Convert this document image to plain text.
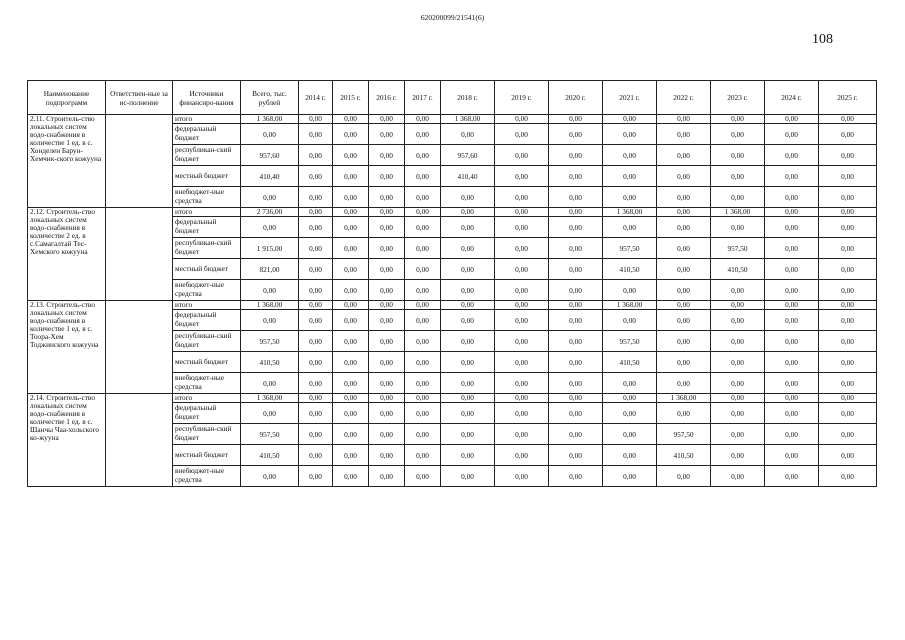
620200099/21541(6)
108
Наименование подпрограмм	Ответствен-ные за ис-полнение	Источники финансиро-вания	Всего, тыс. рублей	2014 г.	2015 г.	2016 г.	2017 г.	2018 г.	2019 г.	2020 г.	2021 г.	2022 г.	2023 г.	2024 г.	2025 г.
2.11. Строитель-ство локальных систем водо-снабжения в количестве 1 ед. в с. Хонделен Барун-Хемчик-ского кожууна		итого	1 368,00	0,00	0,00	0,00	0,00	1 368,00	0,00	0,00	0,00	0,00	0,00	0,00	0,00
		федеральный бюджет	0,00	0,00	0,00	0,00	0,00	0,00	0,00	0,00	0,00	0,00	0,00	0,00	0,00
		республикан-ский бюджет	957,60	0,00	0,00	0,00	0,00	957,60	0,00	0,00	0,00	0,00	0,00	0,00	0,00
		местный бюджет	410,40	0,00	0,00	0,00	0,00	410,40	0,00	0,00	0,00	0,00	0,00	0,00	0,00
		внебюджет-ные средства	0,00	0,00	0,00	0,00	0,00	0,00	0,00	0,00	0,00	0,00	0,00	0,00	0,00
2.12. Строитель-ство локальных систем водо-снабжения в количестве 2 ед. в с.Самагалтай Тес-Хемского кожууна		итого	2 736,00	0,00	0,00	0,00	0,00	0,00	0,00	0,00	1 368,00	0,00	1 368,00	0,00	0,00
		федеральный бюджет	0,00	0,00	0,00	0,00	0,00	0,00	0,00	0,00	0,00	0,00	0,00	0,00	0,00
		республикан-ский бюджет	1 915,00	0,00	0,00	0,00	0,00	0,00	0,00	0,00	957,50	0,00	957,50	0,00	0,00
		местный бюджет	821,00	0,00	0,00	0,00	0,00	0,00	0,00	0,00	410,50	0,00	410,50	0,00	0,00
		внебюджет-ные средства	0,00	0,00	0,00	0,00	0,00	0,00	0,00	0,00	0,00	0,00	0,00	0,00	0,00
2.13. Строитель-ство локальных систем водо-снабжения в количестве 1 ед. в с. Тоора-Хем Тоджинского кожууна		итого	1 368,00	0,00	0,00	0,00	0,00	0,00	0,00	0,00	1 368,00	0,00	0,00	0,00	0,00
		федеральный бюджет	0,00	0,00	0,00	0,00	0,00	0,00	0,00	0,00	0,00	0,00	0,00	0,00	0,00
		республикан-ский бюджет	957,50	0,00	0,00	0,00	0,00	0,00	0,00	0,00	957,50	0,00	0,00	0,00	0,00
		местный бюджет	410,50	0,00	0,00	0,00	0,00	0,00	0,00	0,00	410,50	0,00	0,00	0,00	0,00
		внебюджет-ные средства	0,00	0,00	0,00	0,00	0,00	0,00	0,00	0,00	0,00	0,00	0,00	0,00	0,00
2.14. Строитель-ство локальных систем водо-снабжения в количестве 1 ед. в с. Шанчы Чаа-хольского ко-жууна		итого	1 368,00	0,00	0,00	0,00	0,00	0,00	0,00	0,00	0,00	1 368,00	0,00	0,00	0,00
		федеральный бюджет	0,00	0,00	0,00	0,00	0,00	0,00	0,00	0,00	0,00	0,00	0,00	0,00	0,00
		республикан-ский бюджет	957,50	0,00	0,00	0,00	0,00	0,00	0,00	0,00	0,00	957,50	0,00	0,00	0,00
		местный бюджет	410,50	0,00	0,00	0,00	0,00	0,00	0,00	0,00	0,00	410,50	0,00	0,00	0,00
		внебюджет-ные средства	0,00	0,00	0,00	0,00	0,00	0,00	0,00	0,00	0,00	0,00	0,00	0,00	0,00
